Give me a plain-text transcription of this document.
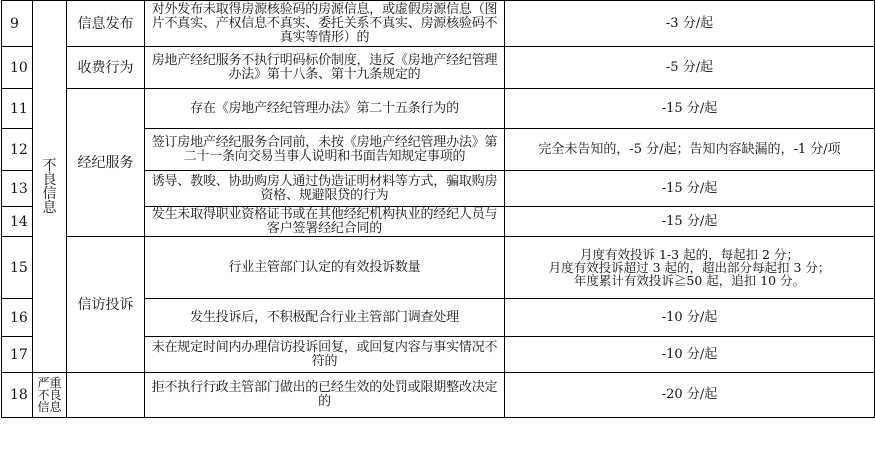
9	不良信息	信息发布	对外发布未取得房源核验码的房源信息，或虚假房源信息（图片不真实、产权信息不真实、委托关系不真实、房源核验码不真实等情形）的	-3 分/起
10		收费行为	房地产经纪服务不执行明码标价制度，违反《房地产经纪管理办法》第十八条、第十九条规定的	-5 分/起
11		经纪服务	存在《房地产经纪管理办法》第二十五条行为的	-15 分/起
12			签订房地产经纪服务合同前，未按《房地产经纪管理办法》第二十一条向交易当事人说明和书面告知规定事项的	完全未告知的，-5 分/起；告知内容缺漏的，-1 分/项
13			诱导、教唆、协助购房人通过伪造证明材料等方式，骗取购房资格、规避限贷的行为	-15 分/起
14			发生未取得职业资格证书或在其他经纪机构执业的经纪人员与客户签署经纪合同的	-15 分/起
15		信访投诉	行业主管部门认定的有效投诉数量	月度有效投诉 1-3 起的，每起扣 2 分；
月度有效投诉超过 3 起的，超出部分每起扣 3 分；
年度累计有效投诉≧50 起，追扣 10 分。

16			发生投诉后，不积极配合行业主管部门调查处理	-10 分/起
17			未在规定时间内办理信访投诉回复，或回复内容与事实情况不符的	-10 分/起
18	严重不良信息		拒不执行行政主管部门做出的已经生效的处罚或限期整改决定的	-20 分/起
